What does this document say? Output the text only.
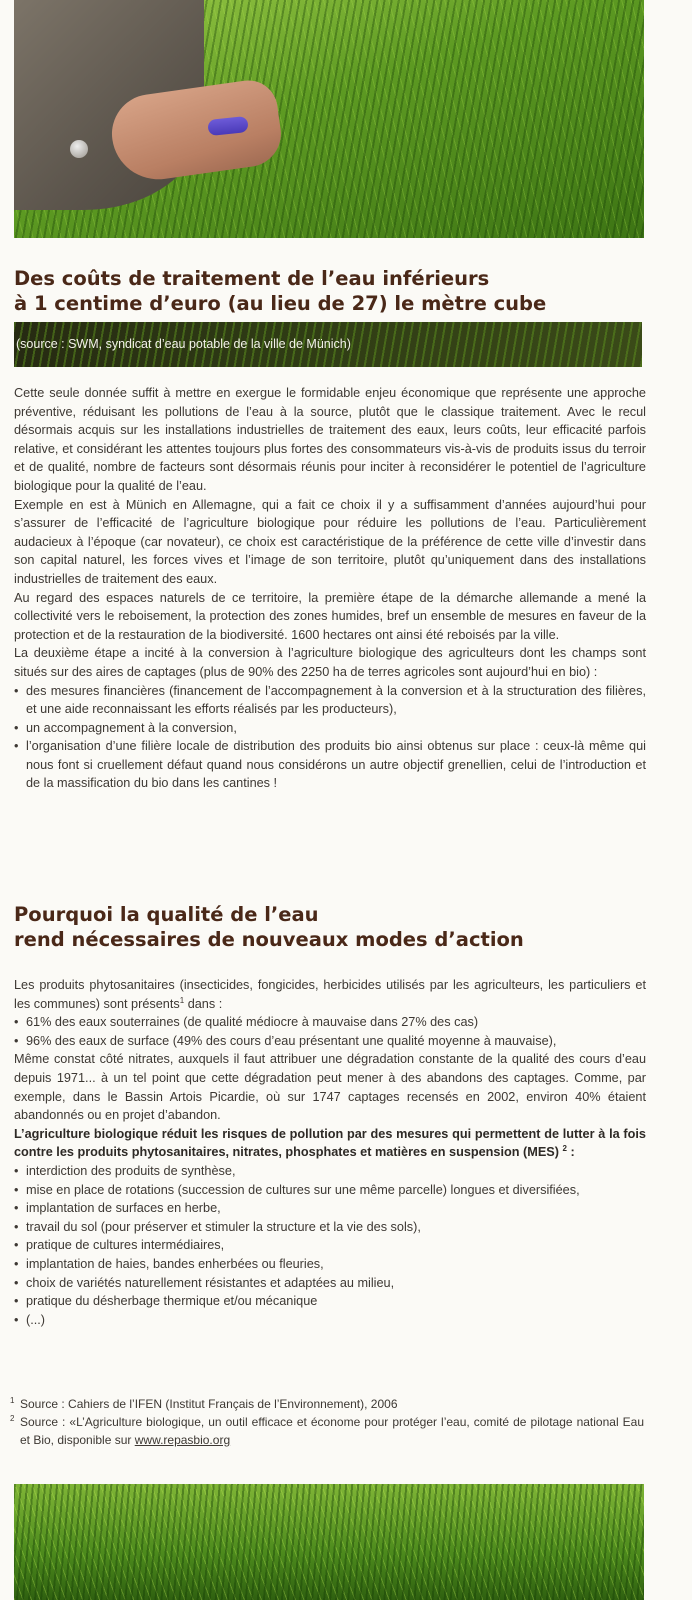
Des coûts de traitement de l’eau inférieurs
à 1 centime d’euro (au lieu de 27) le mètre cube
(source : SWM, syndicat d’eau potable de la ville de Münich)

Cette seule donnée suffit à mettre en exergue le formidable enjeu économique que représente une approche préventive, réduisant les pollutions de l’eau à la source, plutôt que le classique traitement. Avec le recul désormais acquis sur les installations industrielles de traitement des eaux, leurs coûts, leur efficacité parfois relative, et considérant les attentes toujours plus fortes des consommateurs vis-à-vis de produits issus du terroir et de qualité, nombre de facteurs sont désormais réunis pour inciter à reconsidérer le potentiel de l’agriculture biologique pour la qualité de l’eau.

Exemple en est à Münich en Allemagne, qui a fait ce choix il y a suffisamment d’années aujourd’hui pour s’assurer de l’efficacité de l’agriculture biologique pour réduire les pollutions de l’eau. Particulièrement audacieux à l’époque (car novateur), ce choix est caractéristique de la préférence de cette ville d’investir dans son capital naturel, les forces vives et l’image de son territoire, plutôt qu’uniquement dans des installations industrielles de traitement des eaux.

Au regard des espaces naturels de ce territoire, la première étape de la démarche allemande a mené la collectivité vers le reboisement, la protection des zones humides, bref un ensemble de mesures en faveur de la protection et de la restauration de la biodiversité. 1600 hectares ont ainsi été reboisés par la ville.

La deuxième étape a incité à la conversion à l’agriculture biologique des agriculteurs dont les champs sont situés sur des aires de captages (plus de 90% des 2250 ha de terres agricoles sont aujourd’hui en bio) :

• des mesures financières (financement de l’accompagnement à la conversion et à la structuration des filières, et une aide reconnaissant les efforts réalisés par les producteurs),
• un accompagnement à la conversion,
• l’organisation d’une filière locale de distribution des produits bio ainsi obtenus sur place : ceux-là même qui nous font si cruellement défaut quand nous considérons un autre objectif grenellien, celui de l’introduction et de la massification du bio dans les cantines !
Pourquoi la qualité de l’eau
rend nécessaires de nouveaux modes d’action

Les produits phytosanitaires (insecticides, fongicides, herbicides utilisés par les agriculteurs, les particuliers et les communes) sont présents$^1$ dans :

• 61% des eaux souterraines (de qualité médiocre à mauvaise dans 27% des cas)
• 96% des eaux de surface (49% des cours d’eau présentant une qualité moyenne à mauvaise),

Même constat côté nitrates, auxquels il faut attribuer une dégradation constante de la qualité des cours d’eau depuis 1971... à un tel point que cette dégradation peut mener à des abandons des captages. Comme, par exemple, dans le Bassin Artois Picardie, où sur 1747 captages recensés en 2002, environ 40% étaient abandonnés ou en projet d’abandon.

L’agriculture biologique réduit les risques de pollution par des mesures qui permettent de lutter à la fois contre les produits phytosanitaires, nitrates, phosphates et matières en suspension (MES) $^2$ :

• interdiction des produits de synthèse,
• mise en place de rotations (succession de cultures sur une même parcelle) longues et diversifiées,
• implantation de surfaces en herbe,
• travail du sol (pour préserver et stimuler la structure et la vie des sols),
• pratique de cultures intermédiaires,
• implantation de haies, bandes enherbées ou fleuries,
• choix de variétés naturellement résistantes et adaptées au milieu,
• pratique du désherbage thermique et/ou mécanique
• (...)

1 Source : Cahiers de l’IFEN (Institut Français de l’Environnement), 2006

2 Source : «L’Agriculture biologique, un outil efficace et économe pour protéger l’eau, comité de pilotage national Eau et Bio, disponible sur www.repasbio.org
